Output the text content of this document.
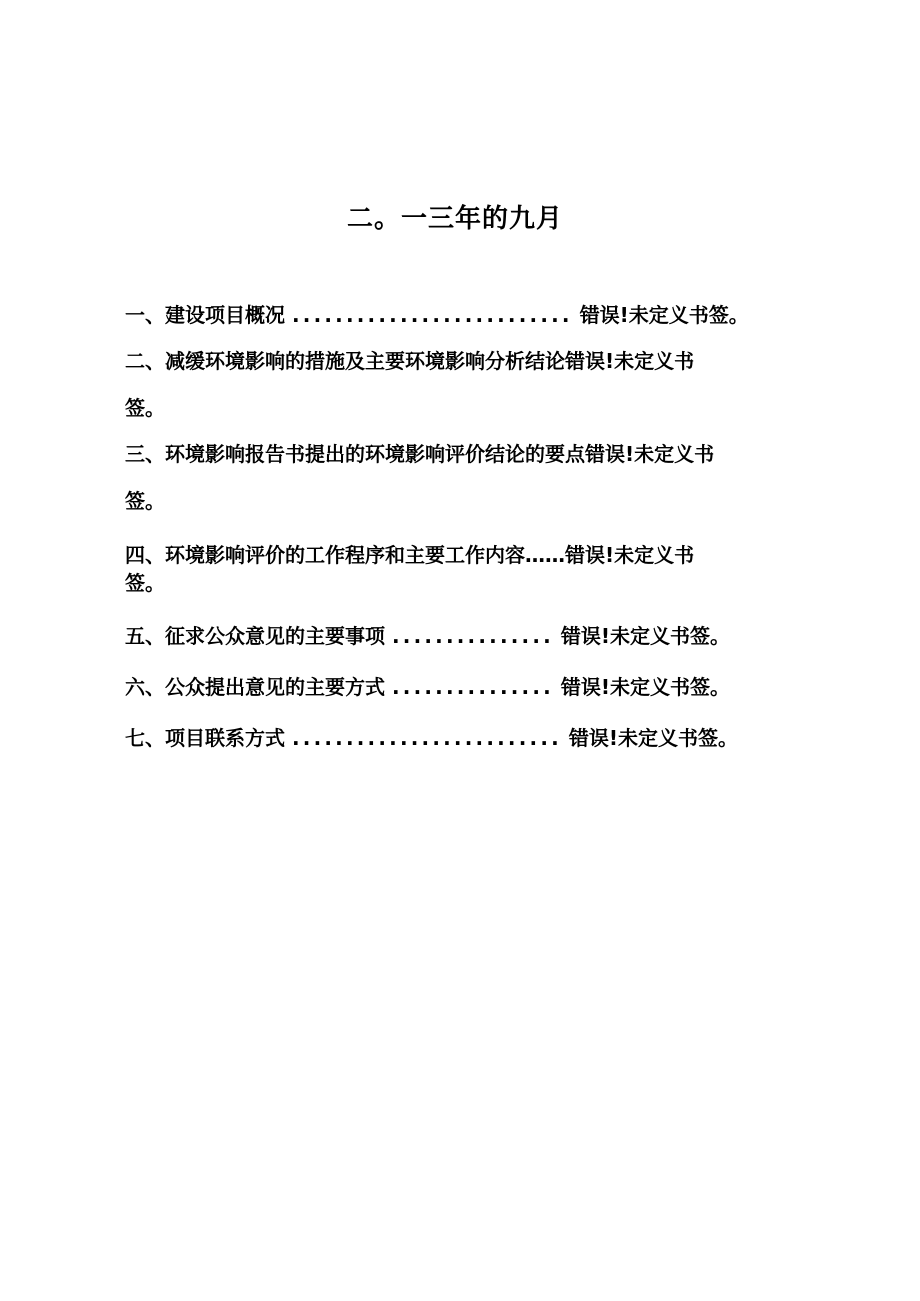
二。一三年的九月
一、建设项目概况 .......................... 错误!未定义书签。
二、减缓环境影响的措施及主要环境影响分析结论错误!未定义书
签。
三、环境影响报告书提出的环境影响评价结论的要点错误!未定义书
签。
四、环境影响评价的工作程序和主要工作内容……错误!未定义书
签。
五、征求公众意见的主要事项 ............... 错误!未定义书签。
六、公众提出意见的主要方式 ............... 错误!未定义书签。
七、项目联系方式 ......................... 错误!未定义书签。
